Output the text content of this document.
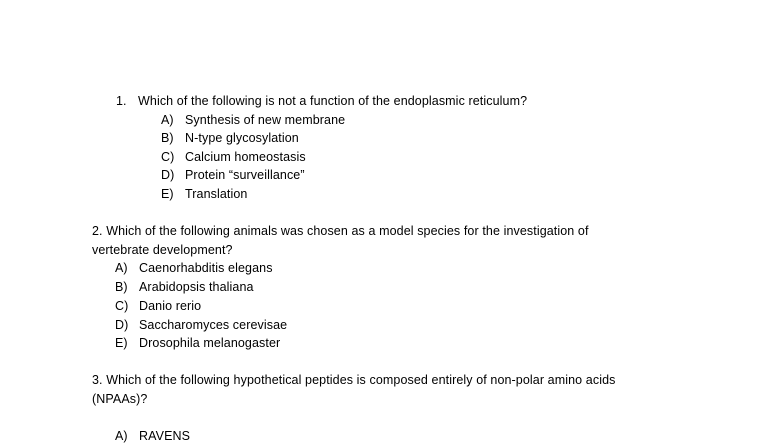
1. Which of the following is not a function of the endoplasmic reticulum?
A) Synthesis of new membrane
B) N-type glycosylation
C) Calcium homeostasis
D) Protein “surveillance”
E) Translation
2. Which of the following animals was chosen as a model species for the investigation of
vertebrate development?
A) Caenorhabditis elegans
B) Arabidopsis thaliana
C) Danio rerio
D) Saccharomyces cerevisae
E) Drosophila melanogaster
3. Which of the following hypothetical peptides is composed entirely of non-polar amino acids
(NPAAs)?
A) RAVENS
